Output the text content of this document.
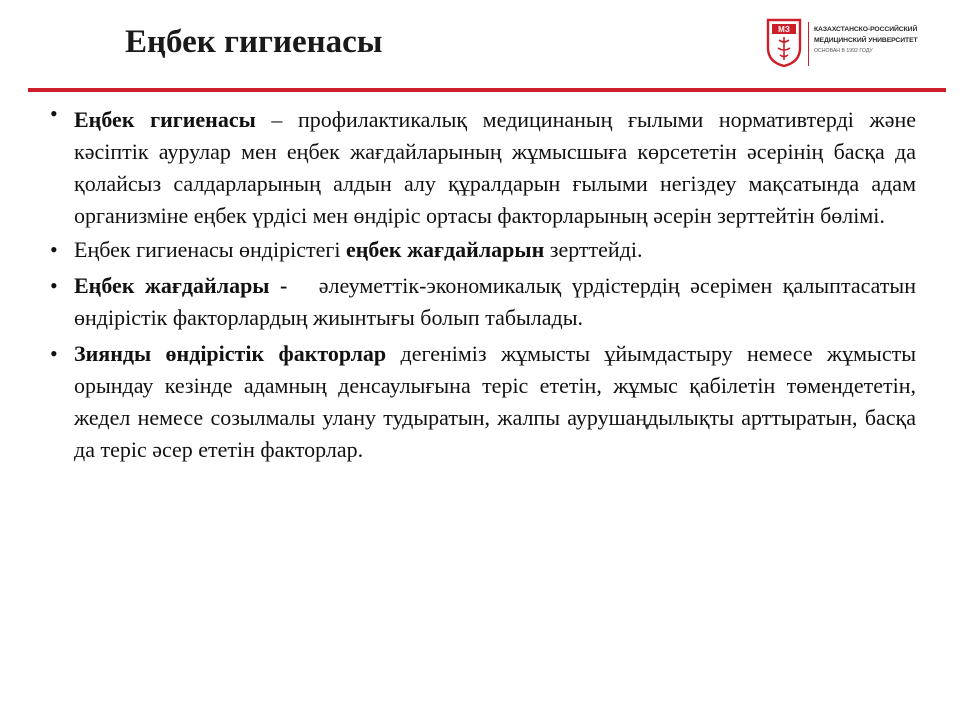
Еңбек гигиенасы	МЗ	КАЗАХСТАНСКО-РОССИЙСКИЙ
МЕДИЦИНСКИЙ УНИВЕРСИТЕТ
ОСНОВАН В 1992 ГОДУ
• Еңбек гигиенасы – профилактикалық медицинаның ғылыми нормативтерді және кәсіптік аурулар мен еңбек жағдайларының жұмысшыға көрсететін әсерінің басқа да қолайсыз салдарларының алдын алу құралдарын ғылыми негіздеу мақсатында адам организміне еңбек үрдісі мен өндіріс ортасы факторларының әсерін зерттейтін бөлімі.
• Еңбек гигиенасы өндірістегі еңбек жағдайларын зерттейді.
• Еңбек жағдайлары -   әлеуметтік-экономикалық үрдістердің әсерімен қалыптасатын өндірістік факторлардың жиынтығы болып табылады.
• Зиянды өндірістік факторлар дегеніміз жұмысты ұйымдастыру немесе жұмысты орындау кезінде адамның денсаулығына теріс ететін, жұмыс қабілетін төмендететін, жедел немесе созылмалы улану тудыратын, жалпы аурушаңдылықты арттыратын, басқа да теріс әсер ететін факторлар.
